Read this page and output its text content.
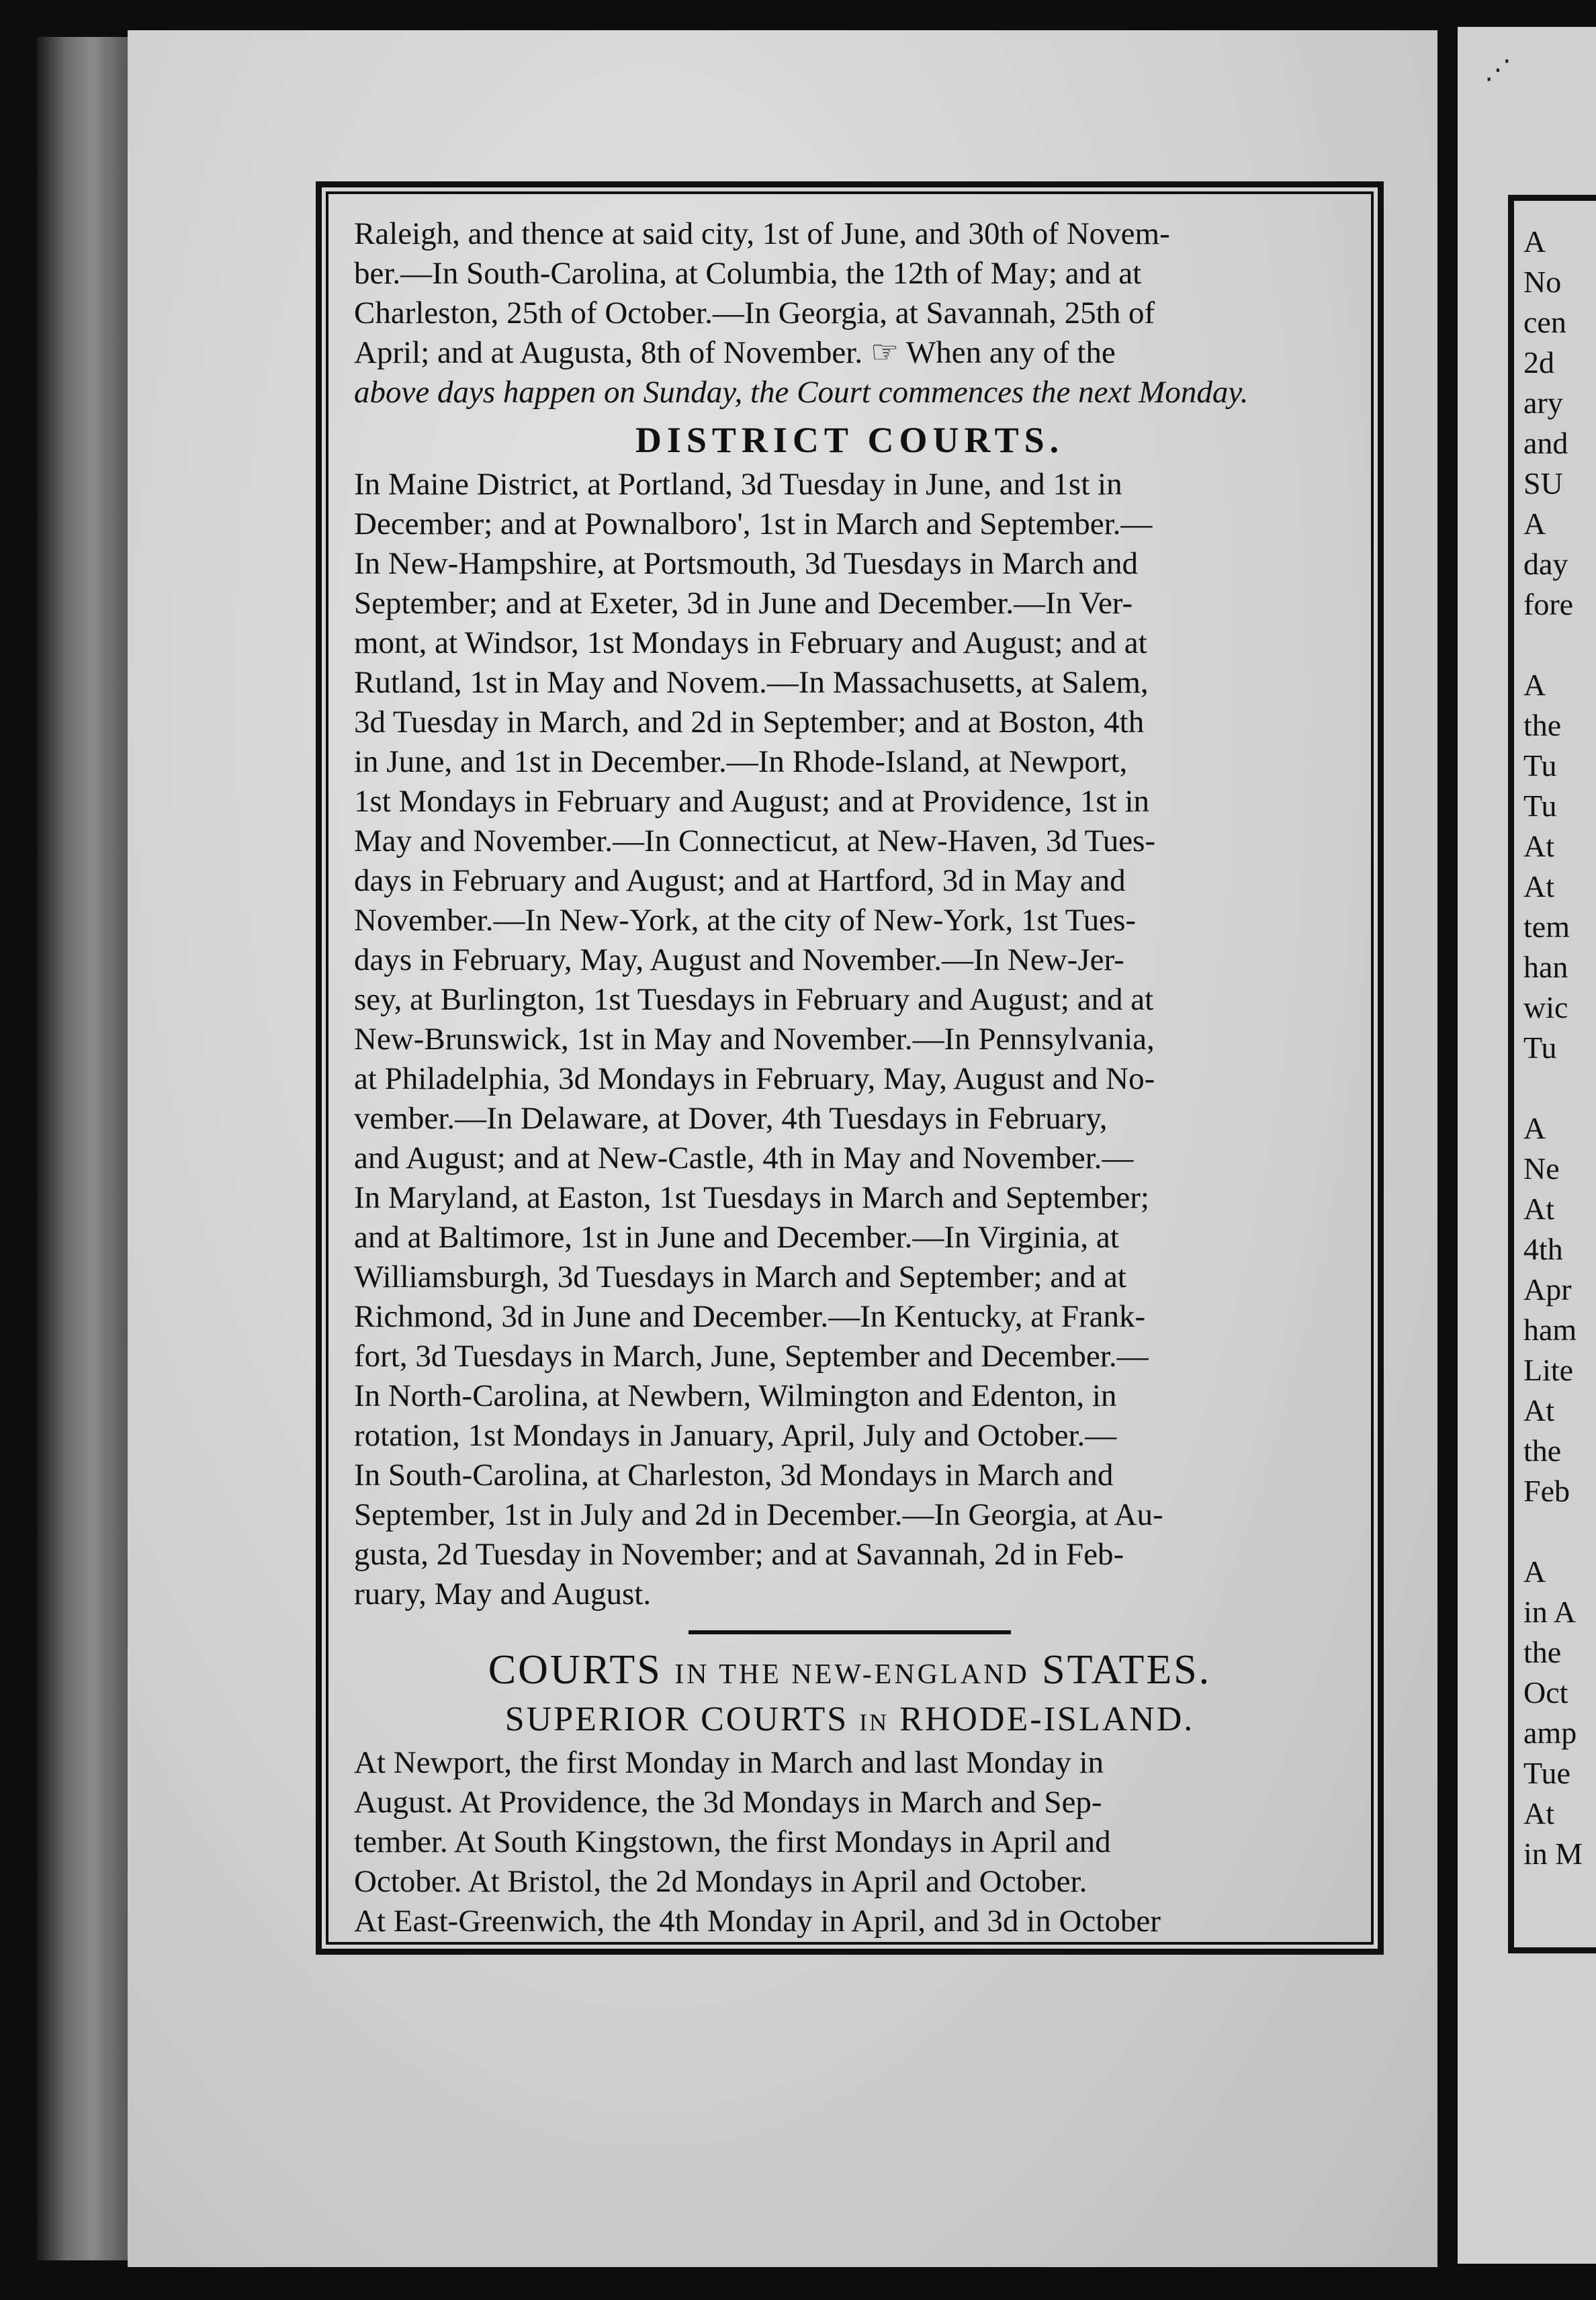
⋰

Raleigh, and thence at said city, 1st of June, and 30th of Novem-
ber.—In South-Carolina, at Columbia, the 12th of May; and at
Charleston, 25th of October.—In Georgia, at Savannah, 25th of
April; and at Augusta, 8th of November. ☞ When any of the
above days happen on Sunday, the Court commences the next Monday.

DISTRICT COURTS.

In Maine District, at Portland, 3d Tuesday in June, and 1st in
December; and at Pownalboro', 1st in March and September.—
In New-Hampshire, at Portsmouth, 3d Tuesdays in March and
September; and at Exeter, 3d in June and December.—In Ver-
mont, at Windsor, 1st Mondays in February and August; and at
Rutland, 1st in May and Novem.—In Massachusetts, at Salem,
3d Tuesday in March, and 2d in September; and at Boston, 4th
in June, and 1st in December.—In Rhode-Island, at Newport,
1st Mondays in February and August; and at Providence, 1st in
May and November.—In Connecticut, at New-Haven, 3d Tues-
days in February and August; and at Hartford, 3d in May and
November.—In New-York, at the city of New-York, 1st Tues-
days in February, May, August and November.—In New-Jer-
sey, at Burlington, 1st Tuesdays in February and August; and at
New-Brunswick, 1st in May and November.—In Pennsylvania,
at Philadelphia, 3d Mondays in February, May, August and No-
vember.—In Delaware, at Dover, 4th Tuesdays in February,
and August; and at New-Castle, 4th in May and November.—
In Maryland, at Easton, 1st Tuesdays in March and September;
and at Baltimore, 1st in June and December.—In Virginia, at
Williamsburgh, 3d Tuesdays in March and September; and at
Richmond, 3d in June and December.—In Kentucky, at Frank-
fort, 3d Tuesdays in March, June, September and December.—
In North-Carolina, at Newbern, Wilmington and Edenton, in
rotation, 1st Mondays in January, April, July and October.—
In South-Carolina, at Charleston, 3d Mondays in March and
September, 1st in July and 2d in December.—In Georgia, at Au-
gusta, 2d Tuesday in November; and at Savannah, 2d in Feb-
ruary, May and August.

COURTS IN THE NEW-ENGLAND STATES.
SUPERIOR COURTS IN RHODE-ISLAND.

At Newport, the first Monday in March and last Monday in
August. At Providence, the 3d Mondays in March and Sep-
tember. At South Kingstown, the first Mondays in April and
October. At Bristol, the 2d Mondays in April and October.
At East-Greenwich, the 4th Monday in April, and 3d in October

A
No
cen
2d
ary
and
SU
A
day
fore

A
the
Tu
Tu
At
At
tem
han
wic
Tu

A
Ne
At
4th
Apr
ham
Lite
At
the
Feb

A
in A
the
Oct
amp
Tue
At
in M
